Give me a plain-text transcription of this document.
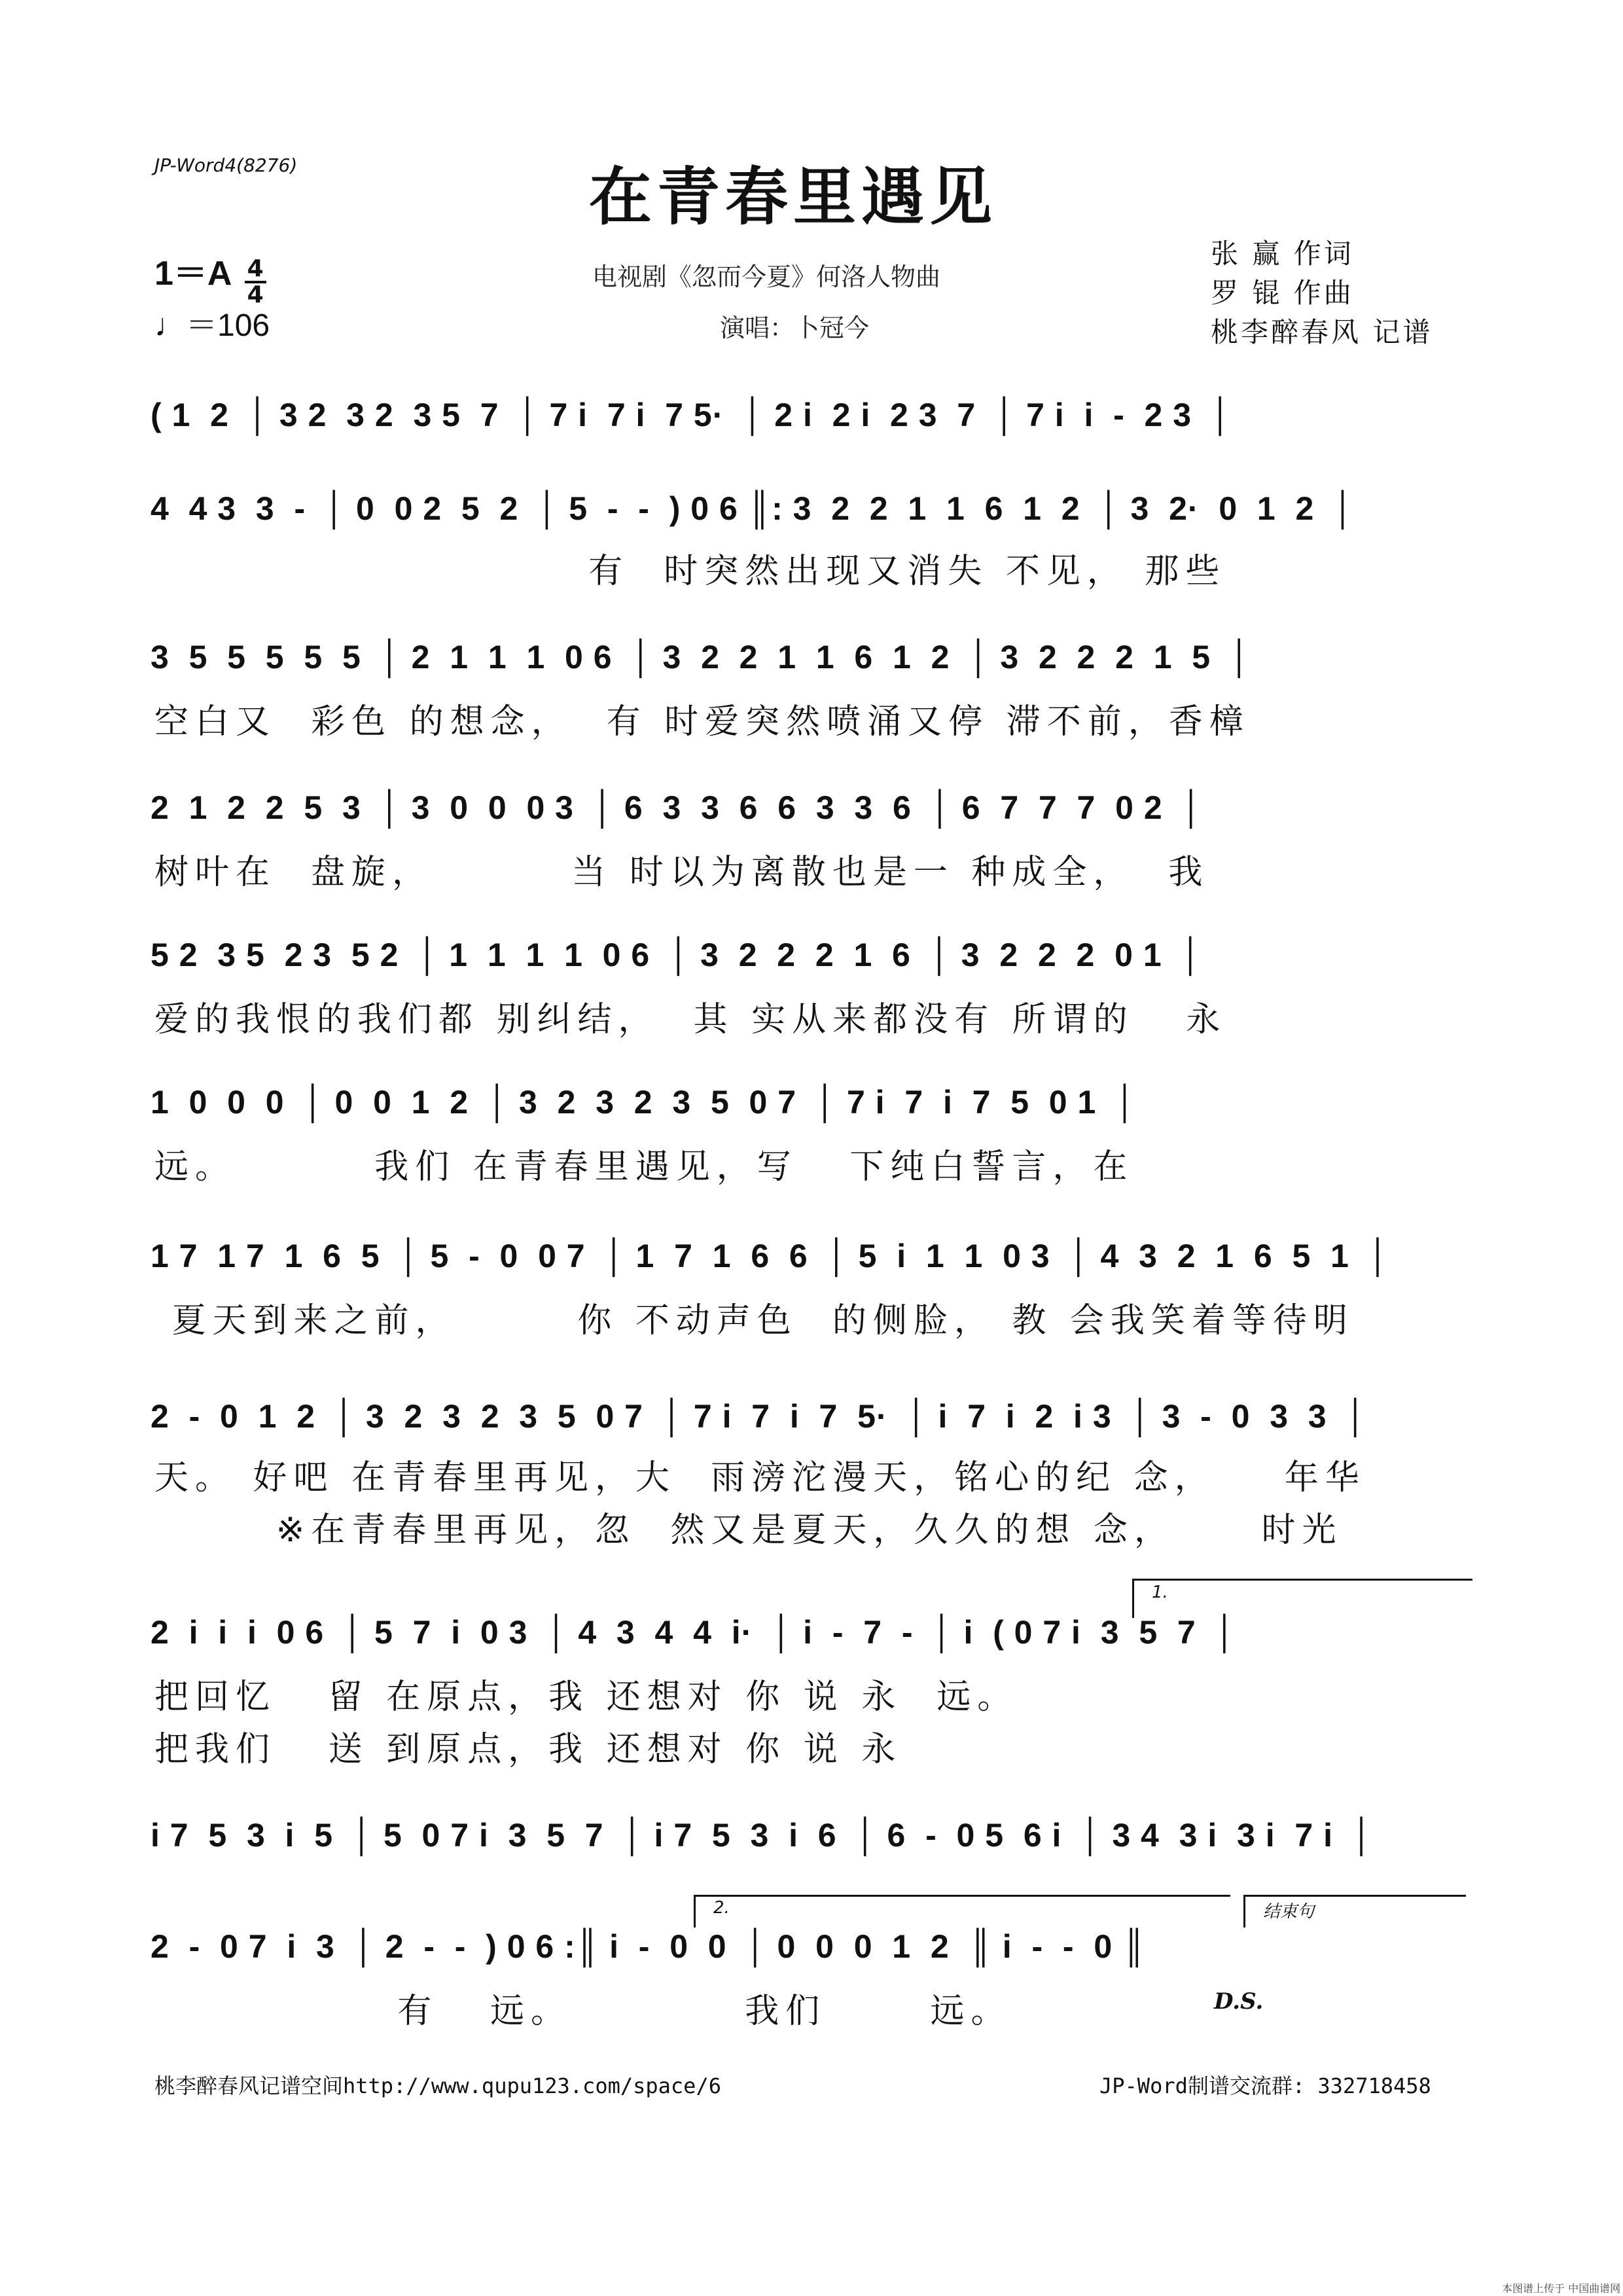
JP-Word4(8276)	在青春里遇见
电视剧《忽而今夏》何洛人物曲
演唱：卜冠今
张 赢 作词
罗 锟 作曲
桃李醉春风 记谱
$1=A \frac{4}{4}$
♩＝106
( 1  2  │ 3 2  3 2  3 5  7  │ 7 i  7 i  7 5·  │ 2 i  2 i  2 3  7  │ 7 i  i  -  2 3  │
4  4 3  3  -  │ 0  0 2  5  2  │ 5  -  -  ) 0 6 ║: 3  2  2  1  1  6  1  2  │ 3  2·  0  1  2  │
有  时突然出现又消失 不见， 那些
3  5  5  5  5  5  │ 2  1  1  1  0 6  │ 3  2  2  1  1  6  1  2  │ 3  2  2  2  1  5  │
空白又  彩色 的想念，  有 时爱突然喷涌又停 滞不前，香樟
2  1  2  2  5  3  │ 3  0  0  0 3  │ 6  3  3  6  6  3  3  6  │ 6  7  7  7  0 2  │
树叶在  盘旋，        当 时以为离散也是一 种成全，  我
5 2  3 5  2 3  5 2  │ 1  1  1  1  0 6  │ 3  2  2  2  1  6  │ 3  2  2  2  0 1  │
爱的我恨的我们都 别纠结，  其 实从来都没有 所谓的   永
1  0  0  0  │ 0  0  1  2  │ 3  2  3  2  3  5  0 7  │ 7 i  7  i  7  5  0 1  │
远。        我们 在青春里遇见，写   下纯白誓言，在
1 7  1 7  1  6  5  │ 5  -  0  0 7  │ 1  7  1  6  6  │ 5  i  1  1  0 3  │ 4  3  2  1  6  5  1  │
夏天到来之前，       你 不动声色  的侧脸， 教 会我笑着等待明
2  -  0  1  2  │ 3  2  3  2  3  5  0 7  │ 7 i  7  i  7  5·  │ i  7  i  2  i 3  │ 3  -  0  3  3  │
天。 好吧 在青春里再见，大  雨滂沱漫天，铭心的纪 念，    年华
※在青春里再见，忽  然又是夏天，久久的想 念，     时光
1.
2  i  i  i  0 6  │ 5  7  i  0 3  │ 4  3  4  4  i·  │ i  -  7  -  │ i  ( 0 7 i  3  5  7  │
把回忆   留 在原点，我 还想对 你 说 永  远。
把我们   送 到原点，我 还想对 你 说 永
i 7  5  3  i  5  │ 5  0 7 i  3  5  7  │ i 7  5  3  i  6  │ 6  -  0 5  6 i  │ 3 4  3 i  3 i  7 i  │
2.	结束句
2  -  0 7  i  3  │ 2  -  -  ) 0 6 :║ i  -  0  0  │ 0  0  0  1  2  ║ i  -  -  0 ║
有   远。          我们      远。	D.S.
桃李醉春风记谱空间http://www.qupu123.com/space/6	JP-Word制谱交流群: 332718458
本图谱上传于 中国曲谱网
